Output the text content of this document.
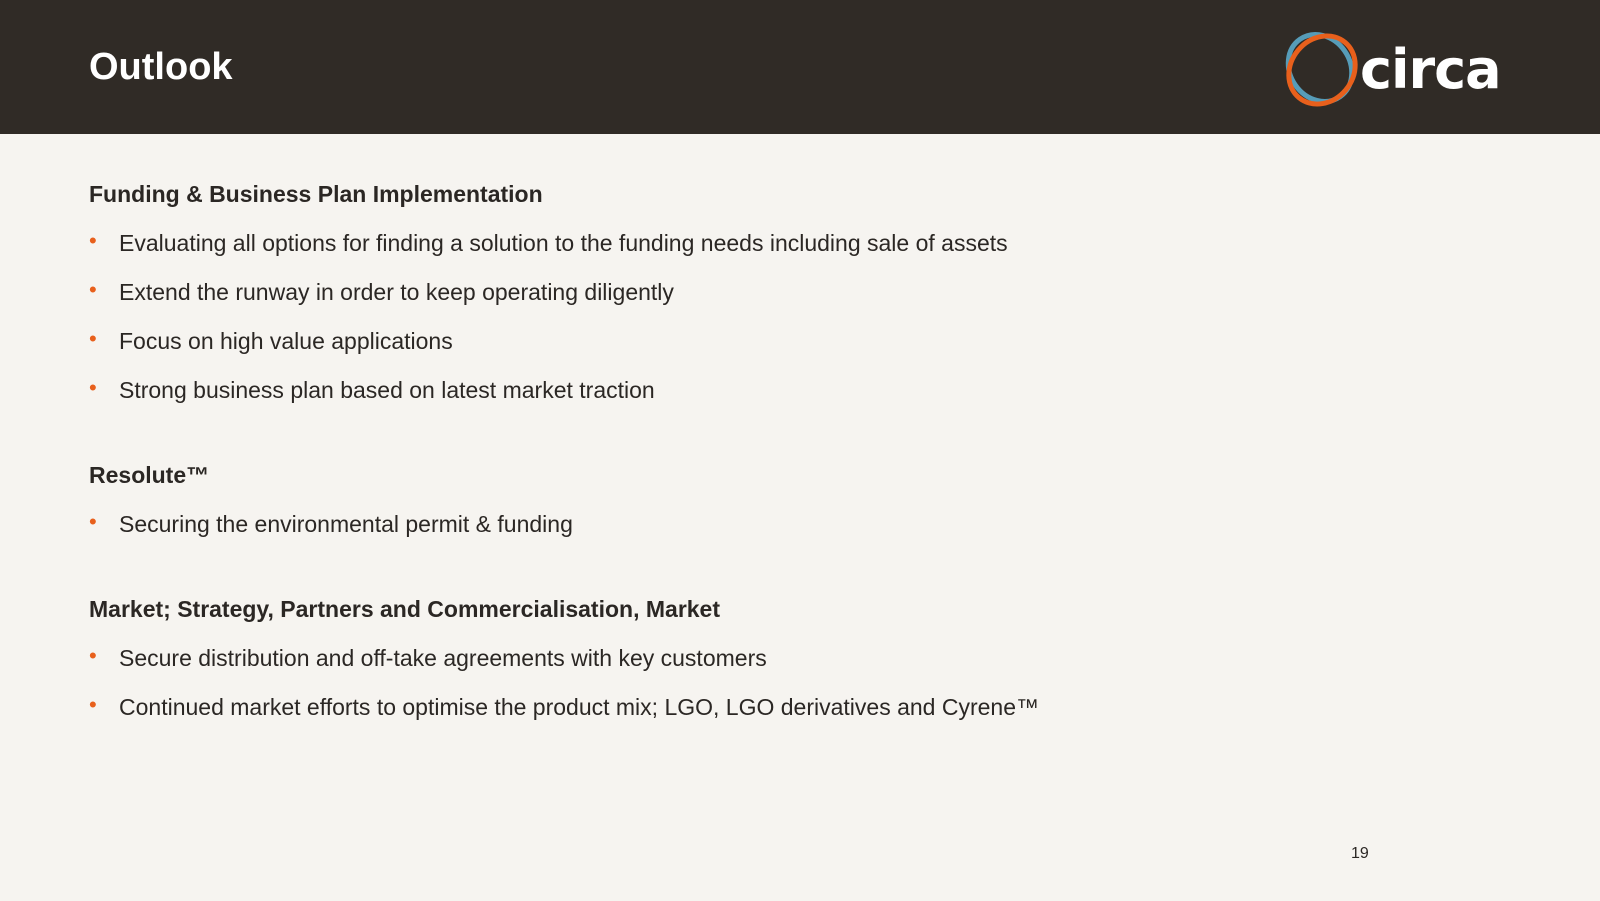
Outlook	circa
Funding & Business Plan Implementation
• Evaluating all options for finding a solution to the funding needs including sale of assets
• Extend the runway in order to keep operating diligently
• Focus on high value applications
• Strong business plan based on latest market traction
Resolute™
• Securing the environmental permit & funding
Market; Strategy, Partners and Commercialisation, Market
• Secure distribution and off-take agreements with key customers
• Continued market efforts to optimise the product mix; LGO, LGO derivatives and Cyrene™
19
